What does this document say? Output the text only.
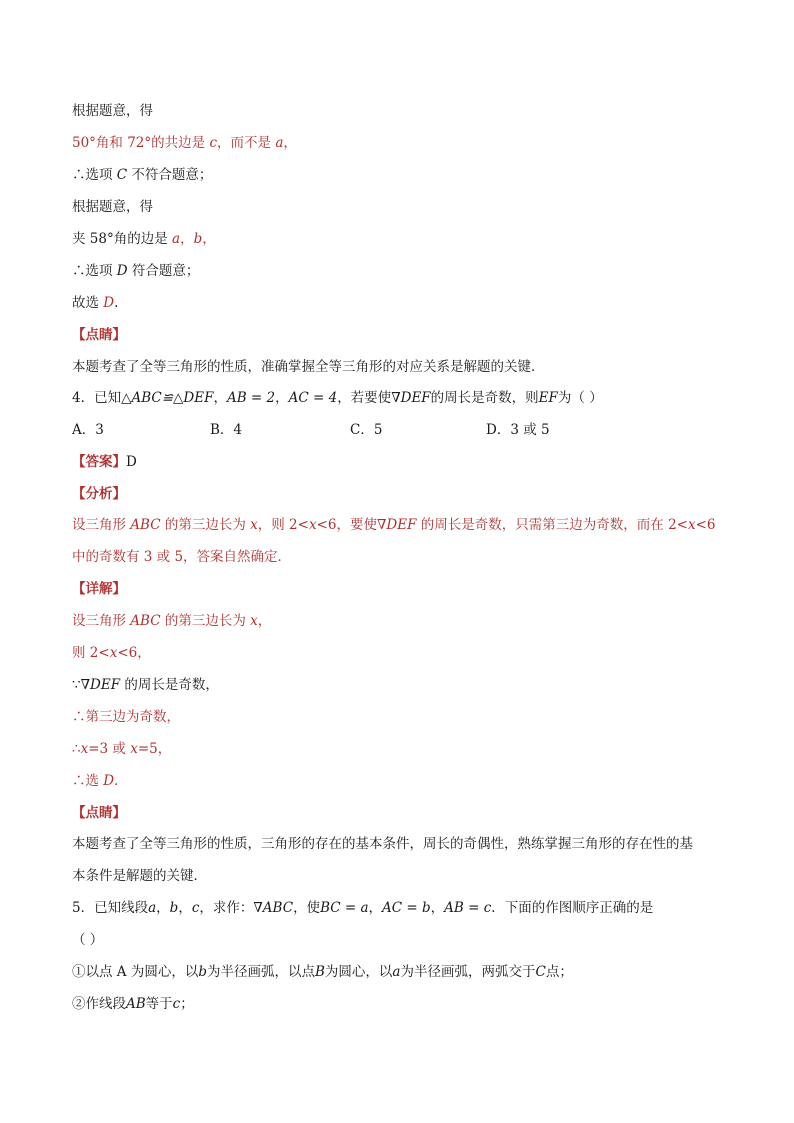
根据题意，得
50°角和 72°的共边是 c，而不是 a，
∴选项 C 不符合题意；
根据题意，得
夹 58°角的边是 a，b，
∴选项 D 符合题意；
故选 D.
【点睛】
本题考查了全等三角形的性质，准确掌握全等三角形的对应关系是解题的关键．
4．已知△ABC≌△DEF，AB = 2，AC = 4，若要使∇DEF的周长是奇数，则EF为（ ）
A．3	B．4	C．5	D．3 或 5
【答案】D
【分析】
设三角形 ABC 的第三边长为 x，则 2<x<6，要使∇DEF 的周长是奇数，只需第三边为奇数，而在 2<x<6
中的奇数有 3 或 5，答案自然确定．
【详解】
设三角形 ABC 的第三边长为 x，
则 2<x<6，
∵∇DEF 的周长是奇数，
∴第三边为奇数，
∴x=3 或 x=5，
∴选 D．
【点睛】
本题考查了全等三角形的性质，三角形的存在的基本条件，周长的奇偶性，熟练掌握三角形的存在性的基
本条件是解题的关键．
5．已知线段a，b，c，求作：∇ABC，使BC = a，AC = b，AB = c．下面的作图顺序正确的是
（ ）
①以点 A 为圆心，以b为半径画弧，以点B为圆心，以a为半径画弧，两弧交于C点；
②作线段AB等于c；
